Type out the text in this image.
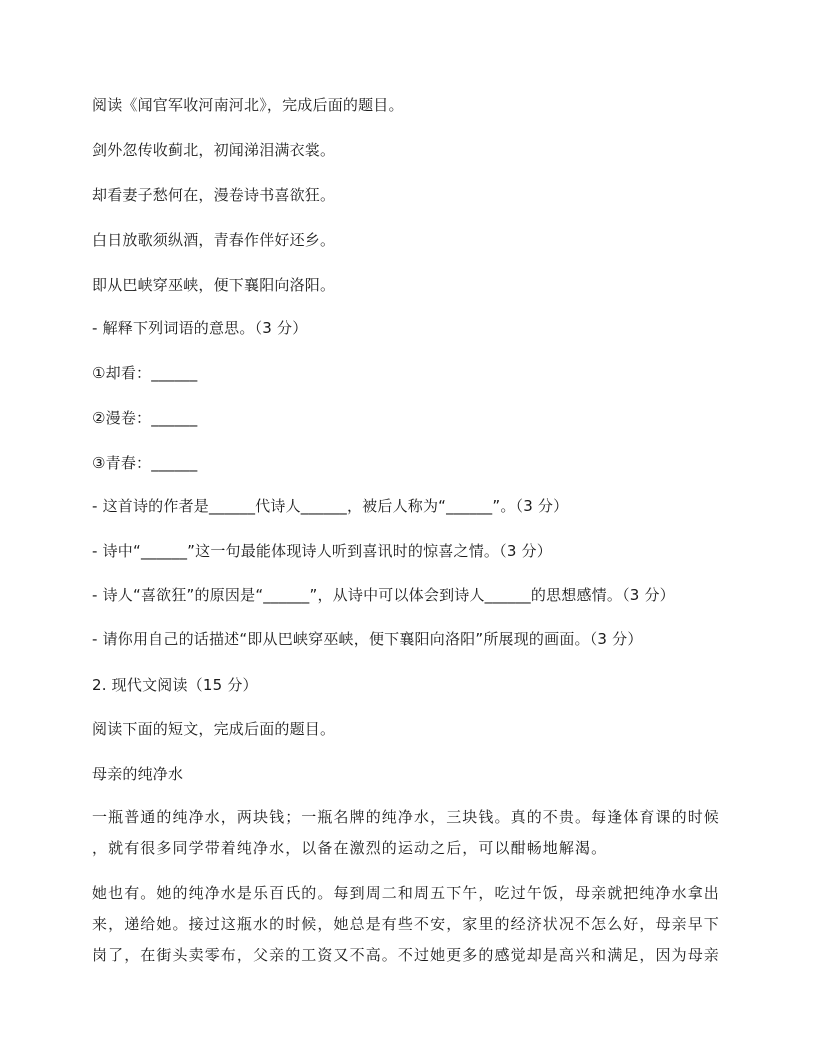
阅读《闻官军收河南河北》，完成后面的题目。
剑外忽传收蓟北，初闻涕泪满衣裳。
却看妻子愁何在，漫卷诗书喜欲狂。
白日放歌须纵酒，青春作伴好还乡。
即从巴峡穿巫峡，便下襄阳向洛阳。
- 解释下列词语的意思。（3 分）
①却看：______
②漫卷：______
③青春：______
- 这首诗的作者是______代诗人______，被后人称为“______”。（3 分）
- 诗中“______”这一句最能体现诗人听到喜讯时的惊喜之情。（3 分）
- 诗人“喜欲狂”的原因是“______”，从诗中可以体会到诗人______的思想感情。（3 分）
- 请你用自己的话描述“即从巴峡穿巫峡，便下襄阳向洛阳”所展现的画面。（3 分）
2. 现代文阅读（15 分）
阅读下面的短文，完成后面的题目。
母亲的纯净水
一瓶普通的纯净水，两块钱；一瓶名牌的纯净水，三块钱。真的不贵。每逢体育课的时候
，就有很多同学带着纯净水，以备在激烈的运动之后，可以酣畅地解渴。
她也有。她的纯净水是乐百氏的。每到周二和周五下午，吃过午饭，母亲就把纯净水拿出
来，递给她。接过这瓶水的时候，她总是有些不安，家里的经济状况不怎么好，母亲早下
岗了，在街头卖零布，父亲的工资又不高。不过她更多的感觉却是高兴和满足，因为母亲
